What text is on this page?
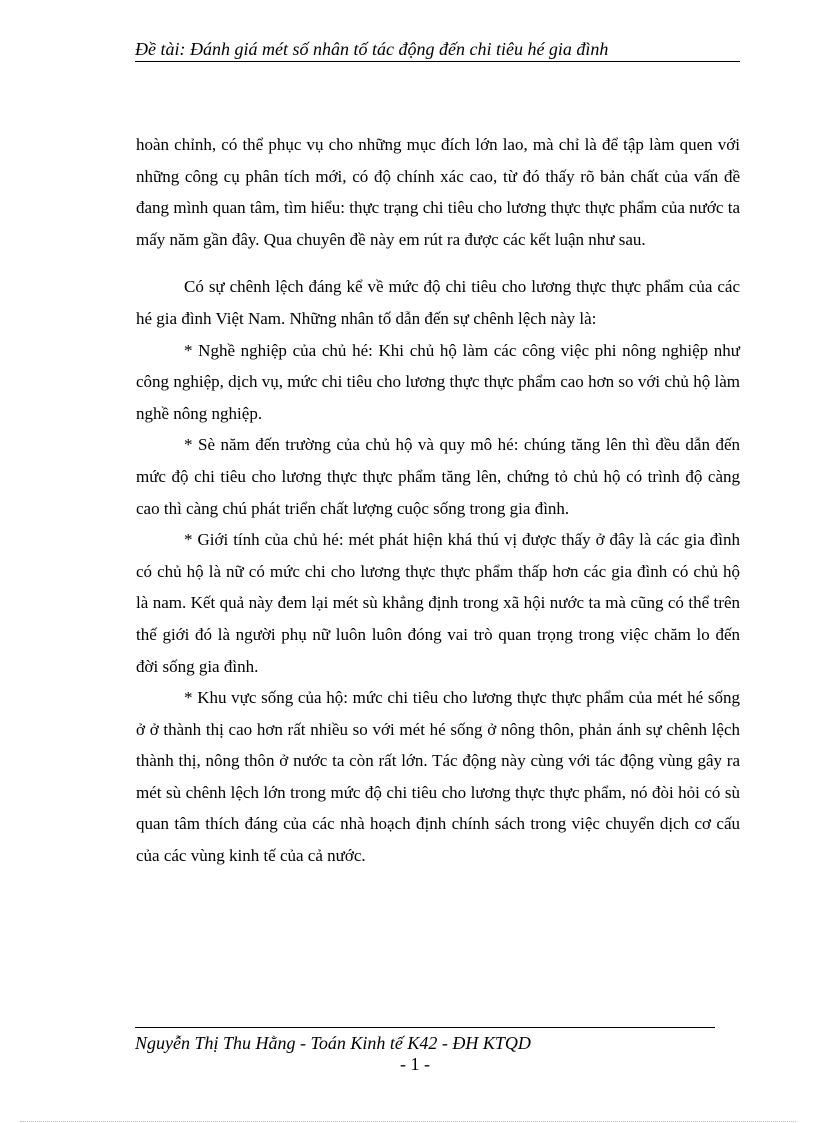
Đề tài: Đánh giá mét số nhân tố tác động đến chi tiêu hé gia đình

hoàn chỉnh, có thể phục vụ cho những mục đích lớn lao, mà chỉ là để tập làm quen với những công cụ phân tích mới, có độ chính xác cao, từ đó thấy rõ bản chất của vấn đề đang mình quan tâm, tìm hiểu: thực trạng chi tiêu cho lương thực thực phẩm của nước ta mấy năm gần đây. Qua chuyên đề này em rút ra được các kết luận như sau.

Có sự chênh lệch đáng kể về mức độ chi tiêu cho lương thực thực phẩm của các hé gia đình Việt Nam. Những nhân tố dẫn đến sự chênh lệch này là:

* Nghề nghiệp của chủ hé: Khi chủ hộ làm các công việc phi nông nghiệp như công nghiệp, dịch vụ, mức chi tiêu cho lương thực thực phẩm cao hơn so với chủ hộ làm nghề nông nghiệp.

* Sè năm đến trường của chủ hộ và quy mô hé: chúng tăng lên thì đều dẫn đến mức độ chi tiêu cho lương thực thực phẩm tăng lên, chứng tỏ chủ hộ có trình độ càng cao thì càng chú phát triển chất lượng cuộc sống trong gia đình.

* Giới tính của chủ hé: mét phát hiện khá thú vị được thấy ở đây là các gia đình có chủ hộ là nữ có mức chi cho lương thực thực phẩm thấp hơn các gia đình có chủ hộ là nam. Kết quả này đem lại mét sù khẳng định trong xã hội nước ta mà cũng có thể trên thế giới đó là người phụ nữ luôn luôn đóng vai trò quan trọng trong việc chăm lo đến đời sống gia đình.

* Khu vực sống của hộ: mức chi tiêu cho lương thực thực phẩm của mét hé sống ở ở thành thị cao hơn rất nhiều so với mét hé sống ở nông thôn, phản ánh sự chênh lệch thành thị, nông thôn ở nước ta còn rất lớn. Tác động này cùng với tác động vùng gây ra mét sù chênh lệch lớn trong mức độ chi tiêu cho lương thực thực phẩm, nó đòi hỏi có sù quan tâm thích đáng của các nhà hoạch định chính sách trong việc chuyển dịch cơ cấu của các vùng kinh tế của cả nước.

Nguyễn Thị Thu Hằng - Toán Kinh tế K42 - ĐH KTQD
- 1 -
